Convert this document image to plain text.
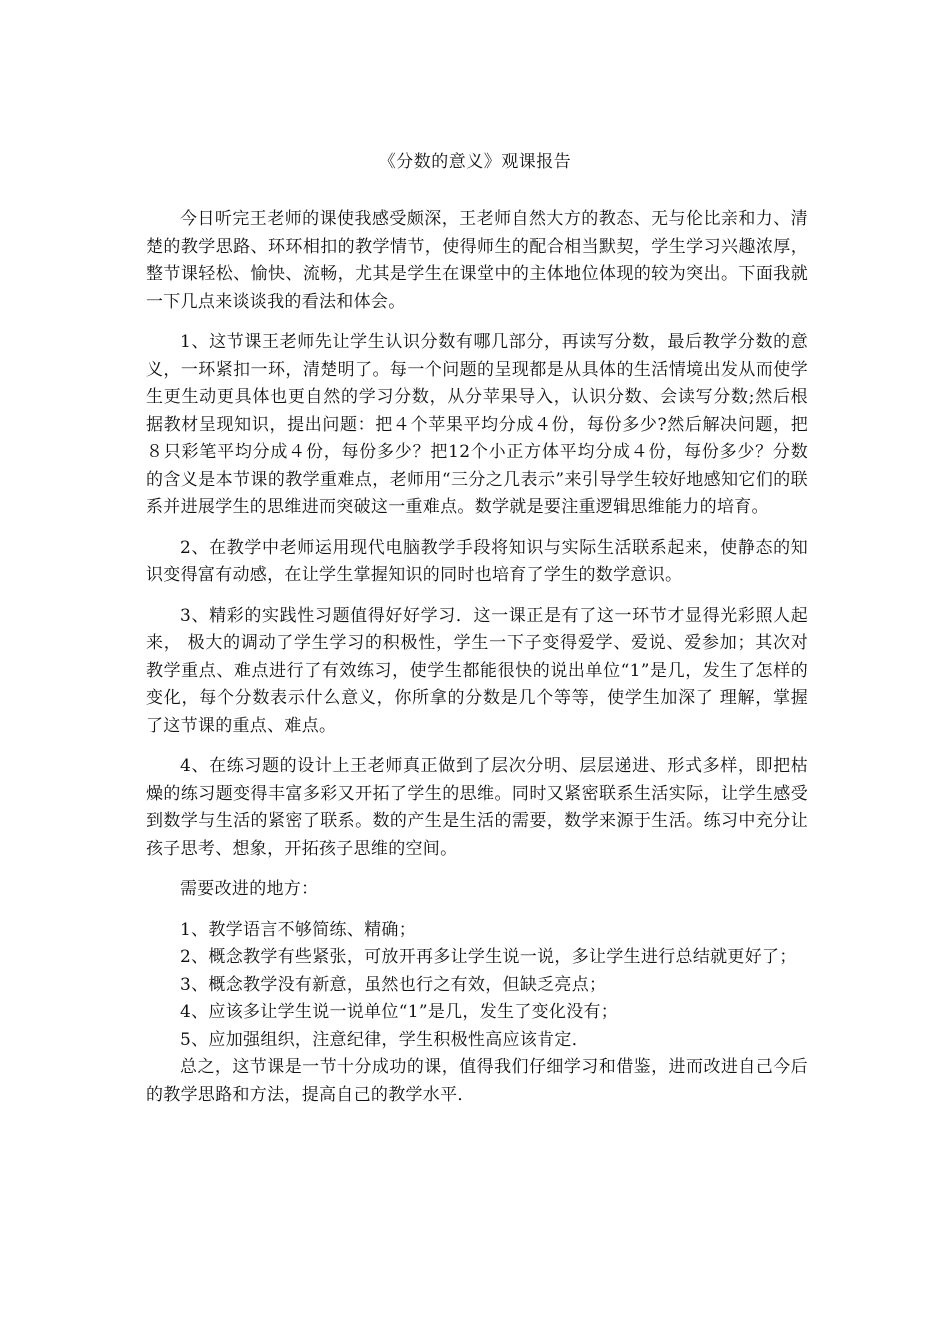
《分数的意义》观课报告

今日听完王老师的课使我感受颇深，王老师自然大方的教态、无与伦比亲和力、清楚的教学思路、环环相扣的教学情节，使得师生的配合相当默契，学生学习兴趣浓厚，整节课轻松、愉快、流畅，尤其是学生在课堂中的主体地位体现的较为突出。下面我就一下几点来谈谈我的看法和体会。

1、这节课王老师先让学生认识分数有哪几部分，再读写分数，最后教学分数的意义，一环紧扣一环，清楚明了。每一个问题的呈现都是从具体的生活情境出发从而使学生更生动更具体也更自然的学习分数，从分苹果导入，认识分数、会读写分数;然后根据教材呈现知识，提出问题：把４个苹果平均分成４份，每份多少?然后解决问题，把８只彩笔平均分成４份，每份多少？把12个小正方体平均分成４份，每份多少？分数的含义是本节课的教学重难点，老师用“三分之几表示”来引导学生较好地感知它们的联系并进展学生的思维进而突破这一重难点。数学就是要注重逻辑思维能力的培育。

2、在教学中老师运用现代电脑教学手段将知识与实际生活联系起来，使静态的知识变得富有动感，在让学生掌握知识的同时也培育了学生的数学意识。

3、精彩的实践性习题值得好好学习．这一课正是有了这一环节才显得光彩照人起来， 极大的调动了学生学习的积极性，学生一下子变得爱学、爱说、爱参加；其次对教学重点、难点进行了有效练习，使学生都能很快的说出单位“1”是几，发生了怎样的变化，每个分数表示什么意义，你所拿的分数是几个等等，使学生加深了 理解，掌握了这节课的重点、难点。

4、在练习题的设计上王老师真正做到了层次分明、层层递进、形式多样，即把枯燥的练习题变得丰富多彩又开拓了学生的思维。同时又紧密联系生活实际，让学生感受到数学与生活的紧密了联系。数的产生是生活的需要，数学来源于生活。练习中充分让孩子思考、想象，开拓孩子思维的空间。

需要改进的地方：

1、教学语言不够简练、精确；

2、概念教学有些紧张，可放开再多让学生说一说，多让学生进行总结就更好了；

3、概念教学没有新意，虽然也行之有效，但缺乏亮点；

4、应该多让学生说一说单位“1”是几，发生了变化没有；

5、应加强组织，注意纪律，学生积极性高应该肯定．

总之，这节课是一节十分成功的课，值得我们仔细学习和借鉴，进而改进自己今后的教学思路和方法，提高自己的教学水平．
